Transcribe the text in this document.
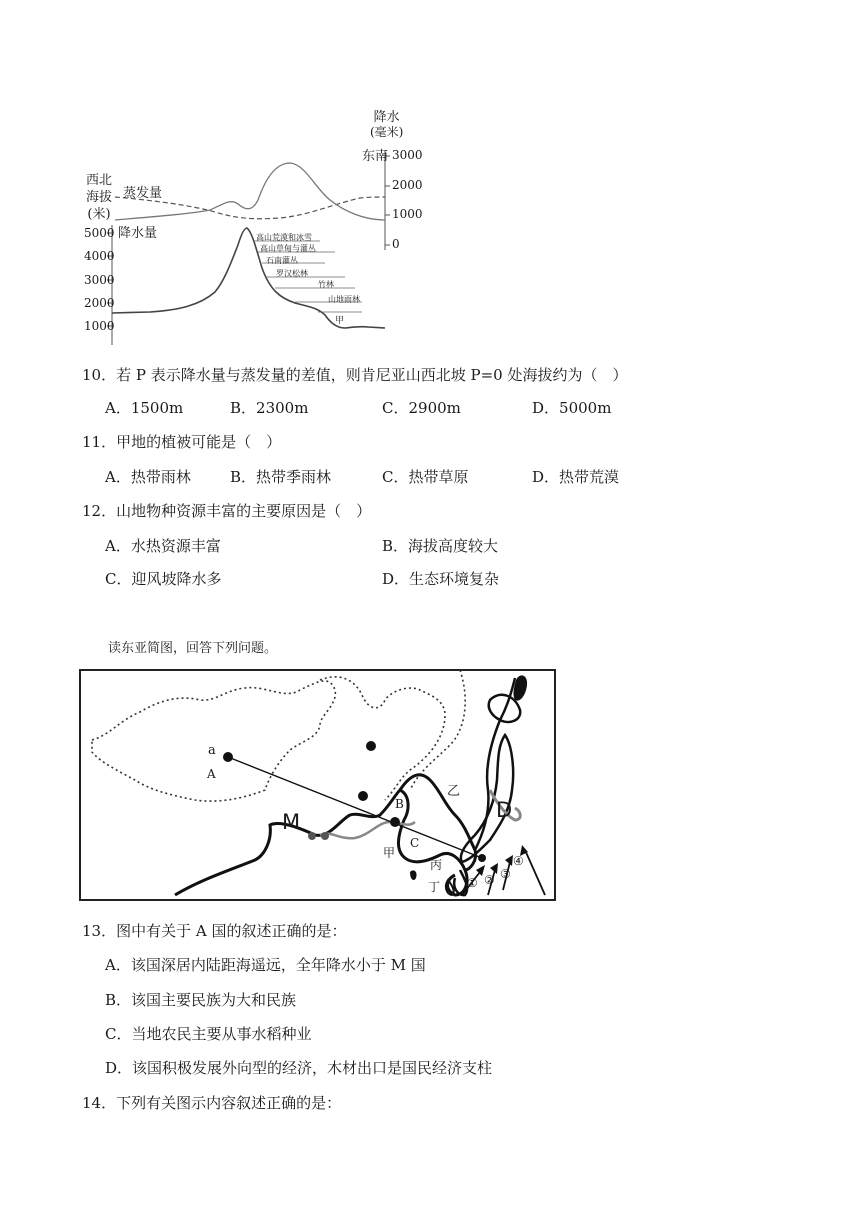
降水
(毫米)
东南 3000
2000
1000
0
西北
海拔
(米)
蒸发量
降水量
5000
4000
3000
2000
1000
高山荒漠和冰雪
高山草甸与灌丛
石南灌丛
罗汉松林
竹林
山地雨林
甲
10．若 P 表示降水量与蒸发量的差值，则肯尼亚山西北坡 P=0 处海拔约为（　）
A．1500m	B．2300m	C．2900m	D．5000m
11．甲地的植被可能是（　）
A．热带雨林	B．热带季雨林	C．热带草原	D．热带荒漠
12．山地物种资源丰富的主要原因是（　）
A．水热资源丰富	B．海拔高度较大
C．迎风坡降水多	D．生态环境复杂
读东亚简图，回答下列问题。
a
A
M
B
C
甲
乙
丙
丁
D
① ② ③
④
13．图中有关于 A 国的叙述正确的是：
A．该国深居内陆距海遥远，全年降水小于 M 国
B．该国主要民族为大和民族
C．当地农民主要从事水稻种业
D．该国积极发展外向型的经济，木材出口是国民经济支柱
14．下列有关图示内容叙述正确的是：
